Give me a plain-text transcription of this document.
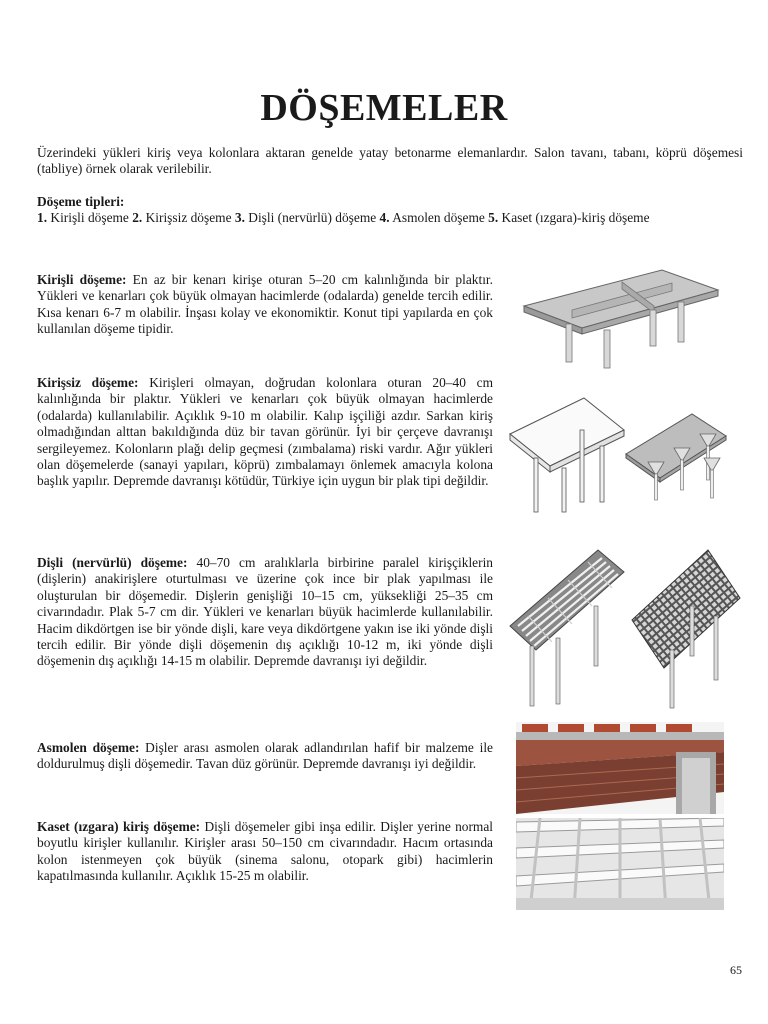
DÖŞEMELER

Üzerindeki yükleri kiriş veya kolonlara aktaran genelde yatay betonarme elemanlardır. Salon tavanı, tabanı, köprü döşemesi (tabliye) örnek olarak verilebilir.

Döşeme tipleri:
1. Kirişli döşeme 2. Kirişsiz döşeme 3. Dişli (nervürlü) döşeme 4. Asmolen döşeme 5. Kaset (ızgara)-kiriş döşeme
Kirişli döşeme: En az bir kenarı kirişe oturan 5–20 cm kalınlığında bir plaktır. Yükleri ve kenarları çok büyük olmayan hacimlerde (odalarda) genelde tercih edilir. Kısa kenarı 6-7 m olabilir. İnşası kolay ve ekonomiktir. Konut tipi yapılarda en çok kullanılan döşeme tipidir.
Kirişsiz döşeme: Kirişleri olmayan, doğrudan kolonlara oturan 20–40 cm kalınlığında bir plaktır. Yükleri ve kenarları çok büyük olmayan hacimlerde (odalarda) kullanılabilir. Açıklık 9-10 m olabilir. Kalıp işçiliği azdır. Sarkan kiriş olmadığından alttan bakıldığında düz bir tavan görünür. İyi bir çerçeve davranışı sergileyemez. Kolonların plağı delip geçmesi (zımbalama) riski vardır. Ağır yükleri olan döşemelerde (sanayi yapıları, köprü) zımbalamayı önlemek amacıyla kolona başlık yapılır. Depremde davranışı kötüdür, Türkiye için uygun bir plak tipi değildir.
Dişli (nervürlü) döşeme: 40–70 cm aralıklarla birbirine paralel kirişçiklerin (dişlerin) anakirişlere oturtulması ve üzerine çok ince bir plak yapılması ile oluşturulan bir döşemedir. Dişlerin genişliği 10–15 cm, yüksekliği 25–35 cm civarındadır. Plak 5-7 cm dir. Yükleri ve kenarları büyük hacimlerde kullanılabilir. Hacim dikdörtgen ise bir yönde dişli, kare veya dikdörtgene yakın ise iki yönde dişli tercih edilir. Bir yönde dişli döşemenin dış açıklığı 10-12 m, iki yönde dişli döşemenin dış açıklığı 14-15 m olabilir. Depremde davranışı iyi değildir.
Asmolen döşeme: Dişler arası asmolen olarak adlandırılan hafif bir malzeme ile doldurulmuş dişli döşemedir. Tavan düz görünür. Depremde davranışı iyi değildir.
Kaset (ızgara) kiriş döşeme: Dişli döşemeler gibi inşa edilir. Dişler yerine normal boyutlu kirişler kullanılır. Kirişler arası 50–150 cm civarındadır. Hacım ortasında kolon istenmeyen çok büyük (sinema salonu, otopark gibi) hacimlerin kapatılmasında kullanılır. Açıklık 15-25 m olabilir.
65
